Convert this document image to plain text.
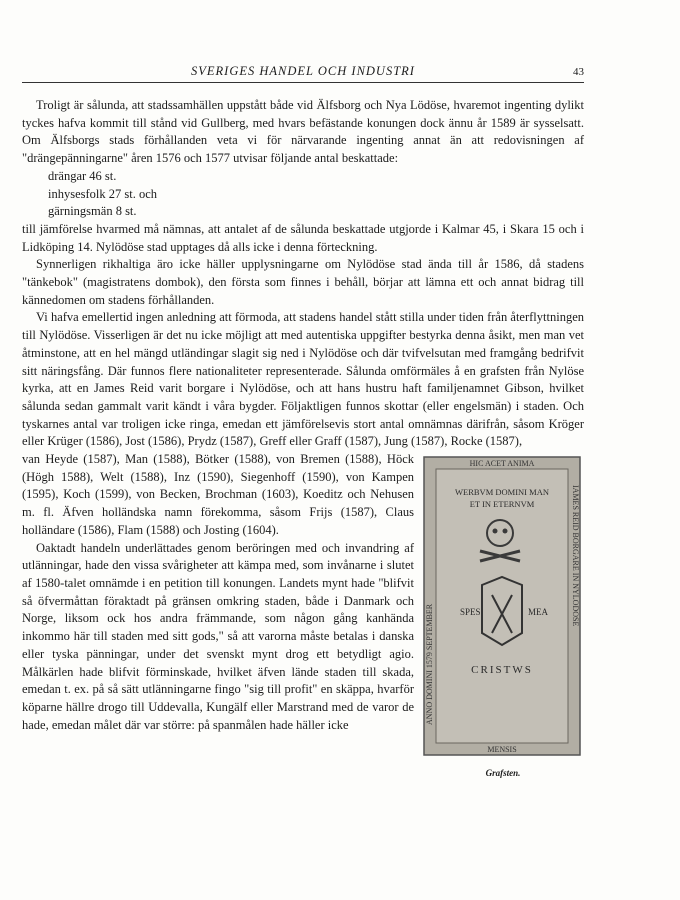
SVERIGES HANDEL OCH INDUSTRI	43

Troligt är sålunda, att stadssamhällen uppstått både vid Älfsborg och Nya Lödöse, hvaremot ingenting dylikt tyckes hafva kommit till stånd vid Gullberg, med hvars befästande konungen dock ännu år 1589 är sysselsatt. Om Älfsborgs stads förhållanden veta vi för närvarande ingenting annat än att redovisningen af "drängepänningarne" åren 1576 och 1577 utvisar följande antal beskattade:

drängar 46 st.
inhysesfolk 27 st. och
gärningsmän 8 st.

till jämförelse hvarmed må nämnas, att antalet af de sålunda beskattade utgjorde i Kalmar 45, i Skara 15 och i Lidköping 14. Nylödöse stad upptages då alls icke i denna förteckning.

Synnerligen rikhaltiga äro icke häller upplysningarne om Nylödöse stad ända till år 1586, då stadens "tänkebok" (magistratens dombok), den första som finnes i behåll, börjar att lämna ett och annat bidrag till kännedomen om stadens förhållanden.

Vi hafva emellertid ingen anledning att förmoda, att stadens handel stått stilla under tiden från återflyttningen till Nylödöse. Visserligen är det nu icke möjligt att med autentiska uppgifter bestyrka denna åsikt, men man vet åtminstone, att en hel mängd utländingar slagit sig ned i Nylödöse och där tvifvelsutan med framgång bedrifvit sitt näringsfång. Där funnos flere nationaliteter representerade. Sålunda omförmäles å en grafsten från Nylöse kyrka, att en James Reid varit borgare i Nylödöse, och att hans hustru haft familjenamnet Gibson, hvilket sålunda sedan gammalt varit kändt i våra bygder. Följaktligen funnos skottar (eller engelsmän) i staden. Och tyskarnes antal var troligen icke ringa, emedan ett jämförelsevis stort antal omnämnas därifrån, såsom Kröger eller Krüger (1586), Jost (1586), Prydz (1587), Greff eller Graff (1587), Jung (1587), Rocke (1587),

HIC ACET ANIMA
WERBVM DOMINI MAN
ET IN ETERNVM
SPES	MEA
CRISTWS
ANNO DOMINI 1579 SEPTEMBER
IAMES REID BORGARE IN NYLODOSE
MENSIS
Grafsten.

van Heyde (1587), Man (1588), Bötker (1588), von Bremen (1588), Höck (Högh 1588), Welt (1588), Inz (1590), Siegenhoff (1590), von Kampen (1595), Koch (1599), von Becken, Brochman (1603), Koeditz och Nehusen m. fl. Äfven holländska namn förekomma, såsom Frijs (1587), Claus holländare (1586), Flam (1588) och Josting (1604).

Oaktadt handeln underlättades genom beröringen med och invandring af utlänningar, hade den vissa svårigheter att kämpa med, som invånarne i slutet af 1580-talet omnämde i en petition till konungen. Landets mynt hade "blifvit så öfvermåttan föraktadt på gränsen omkring staden, både i Danmark och Norge, liksom ock hos andra främmande, som någon gång kanhända inkommo här till staden med sitt gods," så att varorna måste betalas i danska eller tyska pänningar, under det svenskt mynt drog ett betydligt agio. Målkärlen hade blifvit förminskade, hvilket äfven lände staden till skada, emedan t. ex. på så sätt utlänningarne fingo "sig till profit" en skäppa, hvarför köparne hällre drogo till Uddevalla, Kungälf eller Marstrand med de varor de hade, emedan målet där var större: på spanmålen hade häller icke
